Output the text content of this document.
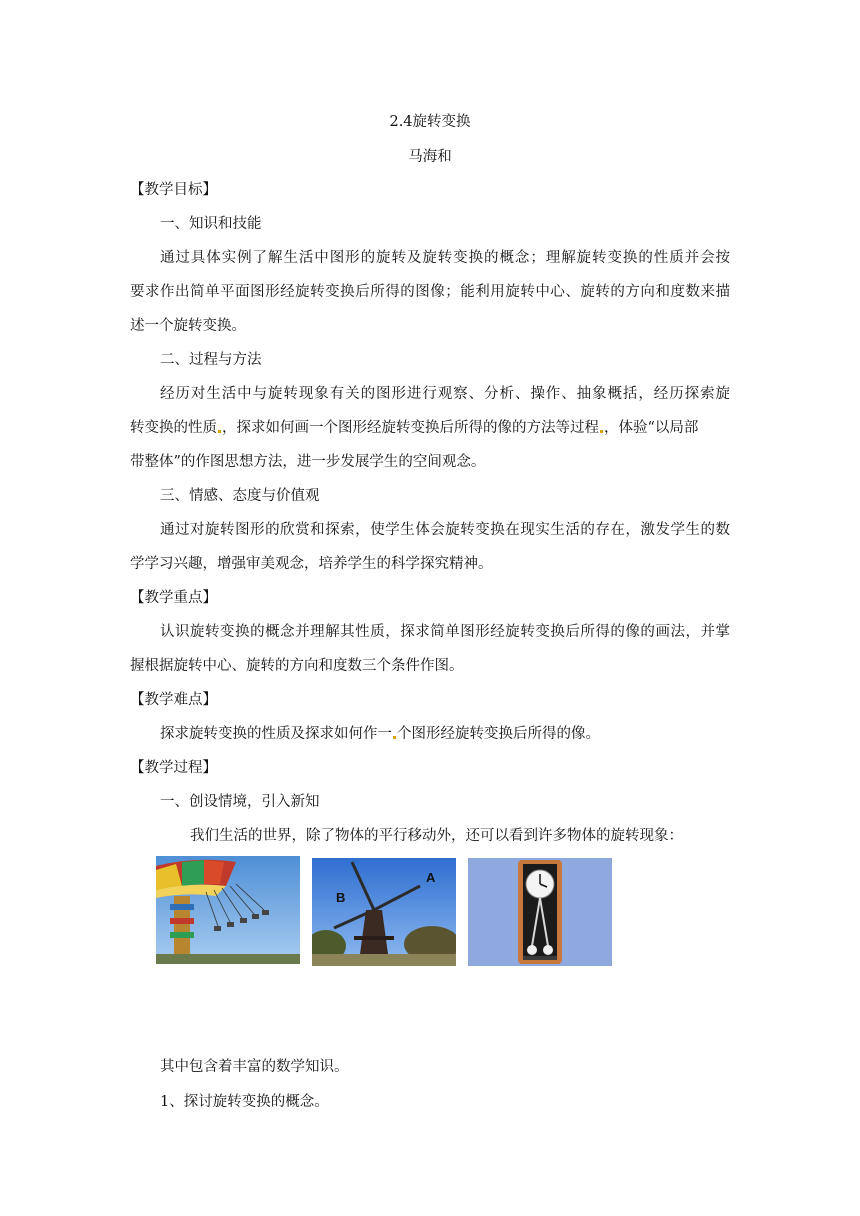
2.4旋转变换
马海和
【教学目标】
一、知识和技能
通过具体实例了解生活中图形的旋转及旋转变换的概念；理解旋转变换的性质并会按
要求作出简单平面图形经旋转变换后所得的图像；能利用旋转中心、旋转的方向和度数来描
述一个旋转变换。
二、过程与方法
经历对生活中与旋转现象有关的图形进行观察、分析、操作、抽象概括，经历探索旋
转变换的性质 ，探求如何画一个图形经旋转变换后所得的像的方法等过程 ，体验“以局部
带整体”的作图思想方法，进一步发展学生的空间观念。
三、情感、态度与价值观
通过对旋转图形的欣赏和探索，使学生体会旋转变换在现实生活的存在，激发学生的数
学学习兴趣，增强审美观念，培养学生的科学探究精神。
【教学重点】
认识旋转变换的概念并理解其性质，探求简单图形经旋转变换后所得的像的画法，并掌
握根据旋转中心、旋转的方向和度数三个条件作图。
【教学难点】
探求旋转变换的性质及探求如何作一 个图形经旋转变换后所得的像。
【教学过程】
一、创设情境，引入新知
我们生活的世界，除了物体的平行移动外，还可以看到许多物体的旋转现象：
B
A
其中包含着丰富的数学知识。
1、探讨旋转变换的概念。
